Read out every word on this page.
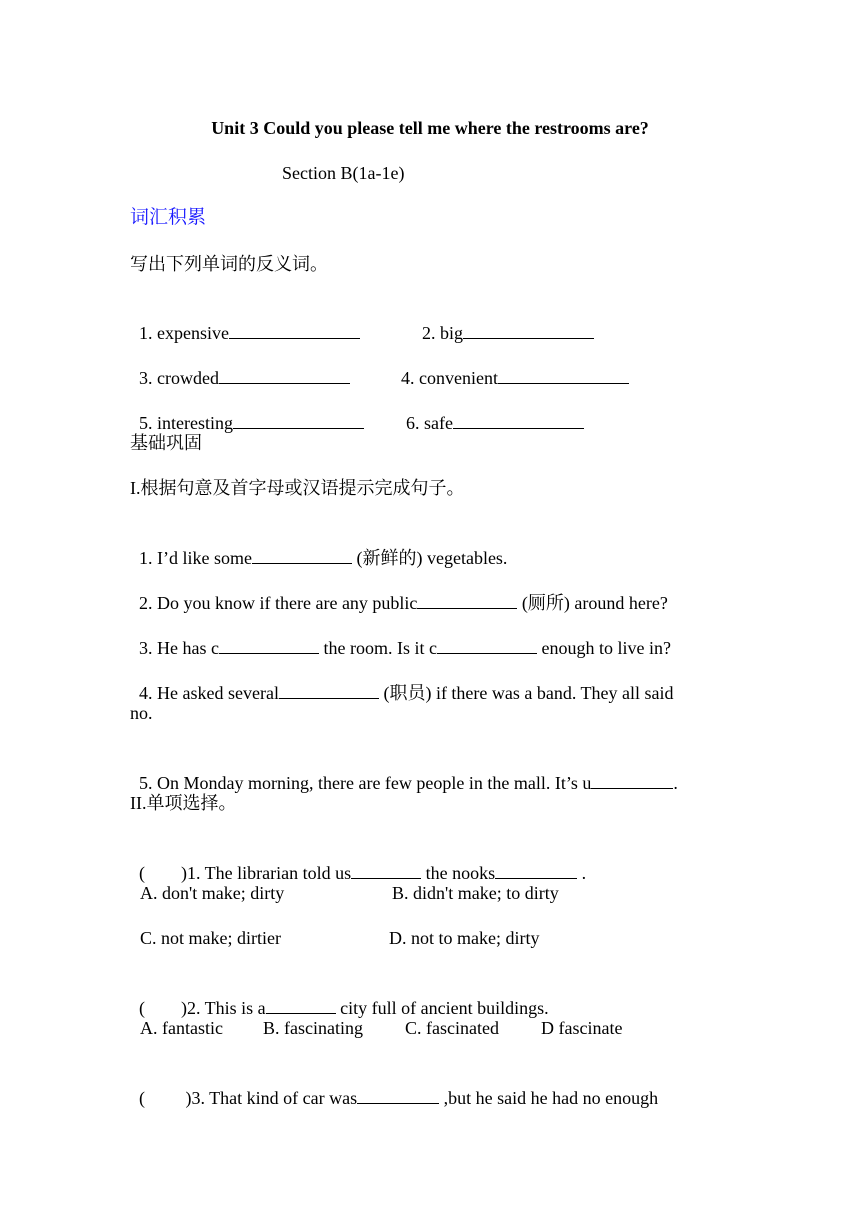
Unit 3 Could you please tell me where the restrooms are?
Section B(1a-1e)
词汇积累
写出下列单词的反义词。

1. expensive	2. big

3. crowded	4. convenient

5. interesting	6. safe

基础巩固
I.根据句意及首字母或汉语提示完成句子。

1. I’d like some	(新鲜的) vegetables.

2. Do you know if there are any public	(厕所) around here?

3. He has c	the room. Is it c	enough to live in?

4. He asked several	(职员) if there was a band. They all said

no.

5. On Monday morning, there are few people in the mall. It’s u	.

II.单项选择。

(        )1. The librarian told us	the nooks	.

A. don't make; dirty	B. didn't make; to dirty
C. not make; dirtier	D. not to make; dirty

(        )2. This is a	city full of ancient buildings.

A. fantastic B. fascinating C. fascinated D fascinate

(         )3. That kind of car was	,but he said he had no enough
